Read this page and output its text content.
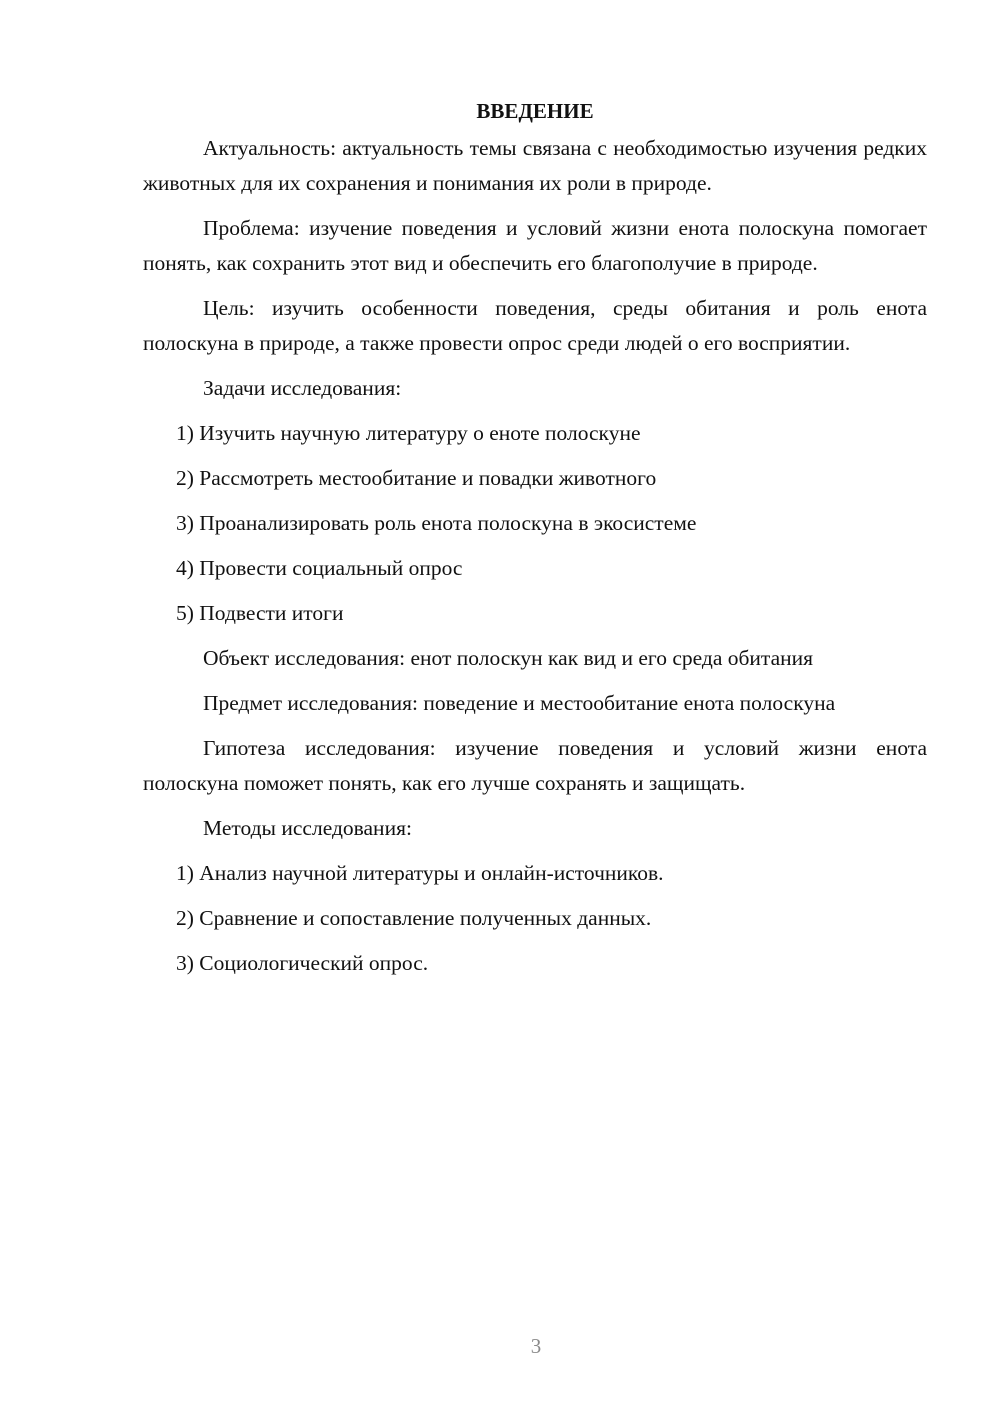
ВВЕДЕНИЕ

Актуальность: актуальность темы связана с необходимостью изучения редких животных для их сохранения и понимания их роли в природе.

Проблема: изучение поведения и условий жизни енота полоскуна помогает понять, как сохранить этот вид и обеспечить его благополучие в природе.

Цель: изучить особенности поведения, среды обитания и роль енота полоскуна в природе, а также провести опрос среди людей о его восприятии.

Задачи исследования:

1) Изучить научную литературу о еноте полоскуне

2) Рассмотреть местообитание и повадки животного

3) Проанализировать роль енота полоскуна в экосистеме

4) Провести социальный опрос

5) Подвести итоги

Объект исследования: енот полоскун как вид и его среда обитания

Предмет исследования: поведение и местообитание енота полоскуна

Гипотеза исследования: изучение поведения и условий жизни енота полоскуна поможет понять, как его лучше сохранять и защищать.

Методы исследования:

1) Анализ научной литературы и онлайн-источников.

2) Сравнение и сопоставление полученных данных.

3) Социологический опрос.

3
